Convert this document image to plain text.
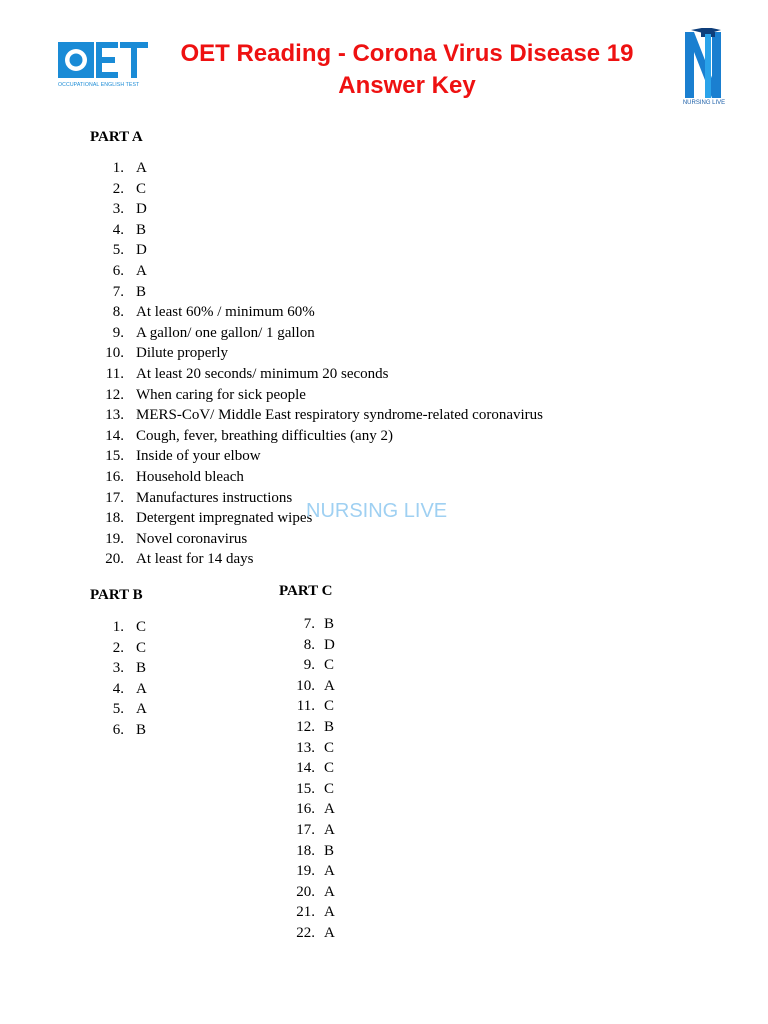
OCCUPATIONAL ENGLISH TEST
OET Reading - Corona Virus Disease 19
Answer Key
NURSING LIVE
PART A
1. A
2. C
3. D
4. B
5. D
6. A
7. B
8. At least 60% / minimum 60%
9. A gallon/ one gallon/ 1 gallon
10. Dilute properly
11. At least 20 seconds/ minimum 20 seconds
12. When caring for sick people
13. MERS-CoV/ Middle East respiratory syndrome-related coronavirus
14. Cough, fever, breathing difficulties (any 2)
15. Inside of your elbow
16. Household bleach
17. Manufactures instructions
18. Detergent impregnated wipes
19. Novel coronavirus
20. At least for 14 days
PART B
1. C
2. C
3. B
4. A
5. A
6. B
PART C
7. B
8. D
9. C
10. A
11. C
12. B
13. C
14. C
15. C
16. A
17. A
18. B
19. A
20. A
21. A
22. A
NURSING LIVE
